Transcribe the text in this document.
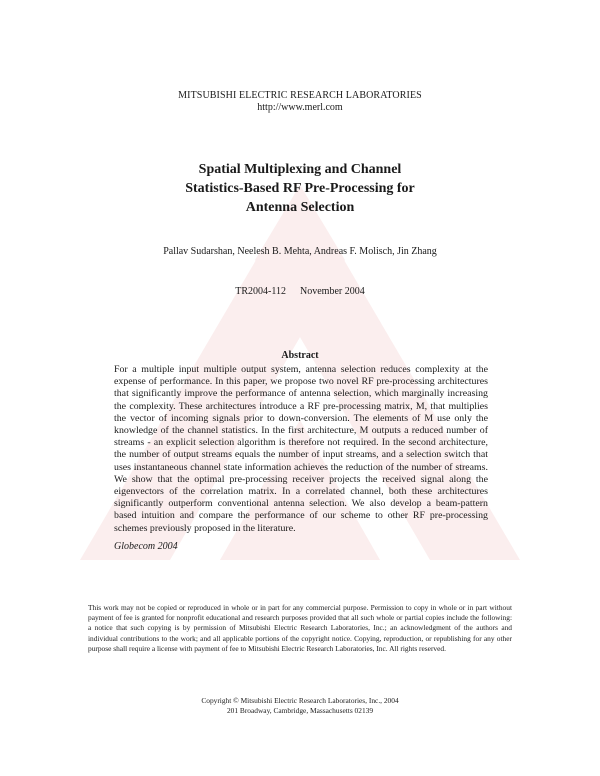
MITSUBISHI ELECTRIC RESEARCH LABORATORIES
http://www.merl.com
Spatial Multiplexing and Channel
Statistics-Based RF Pre-Processing for
Antenna Selection
Pallav Sudarshan, Neelesh B. Mehta, Andreas F. Molisch, Jin Zhang
TR2004-112 November 2004
Abstract
For a multiple input multiple output system, antenna selection reduces complexity at the expense of performance. In this paper, we propose two novel RF pre-processing architectures that significantly improve the performance of antenna selection, which marginally increasing the complexity. These architectures introduce a RF pre-processing matrix, M, that multiplies the vector of incoming signals prior to down-conversion. The elements of M use only the knowledge of the channel statistics. In the first architecture, M outputs a reduced number of streams - an explicit selection algorithm is therefore not required. In the second architecture, the number of output streams equals the number of input streams, and a selection switch that uses instantaneous channel state information achieves the reduction of the number of streams. We show that the optimal pre-processing receiver projects the received signal along the eigenvectors of the correlation matrix. In a correlated channel, both these architectures significantly outperform conventional antenna selection. We also develop a beam-pattern based intuition and compare the performance of our scheme to other RF pre-processing schemes previously proposed in the literature.
Globecom 2004
This work may not be copied or reproduced in whole or in part for any commercial purpose. Permission to copy in whole or in part without payment of fee is granted for nonprofit educational and research purposes provided that all such whole or partial copies include the following: a notice that such copying is by permission of Mitsubishi Electric Research Laboratories, Inc.; an acknowledgment of the authors and individual contributions to the work; and all applicable portions of the copyright notice. Copying, reproduction, or republishing for any other purpose shall require a license with payment of fee to Mitsubishi Electric Research Laboratories, Inc. All rights reserved.
Copyright © Mitsubishi Electric Research Laboratories, Inc., 2004
201 Broadway, Cambridge, Massachusetts 02139
